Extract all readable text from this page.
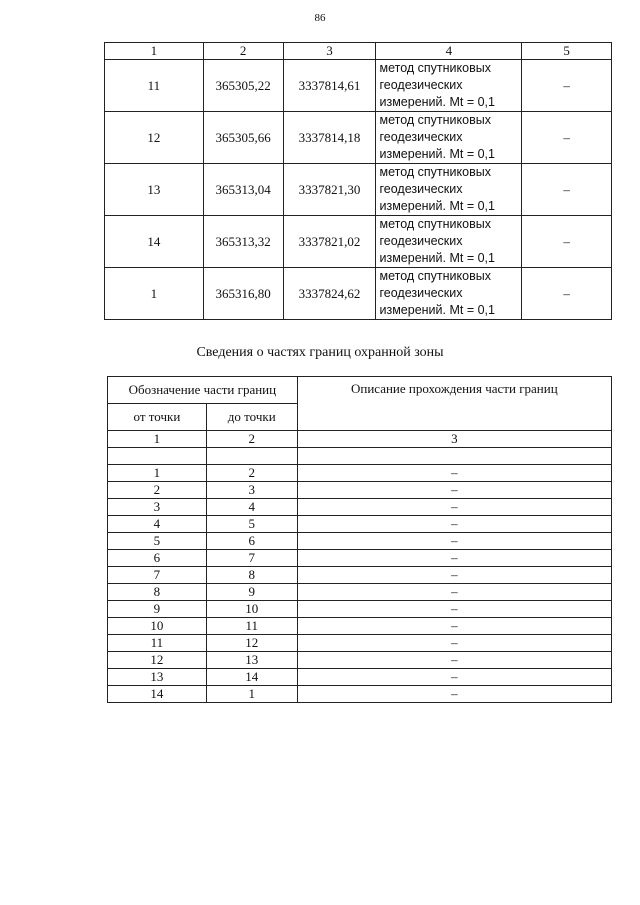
86
1	2	3	4	5
11	365305,22	3337814,61	метод спутниковых
геодезических
измерений. Mt = 0,1	–
12	365305,66	3337814,18	метод спутниковых
геодезических
измерений. Mt = 0,1	–
13	365313,04	3337821,30	метод спутниковых
геодезических
измерений. Mt = 0,1	–
14	365313,32	3337821,02	метод спутниковых
геодезических
измерений. Mt = 0,1	–
1	365316,80	3337824,62	метод спутниковых
геодезических
измерений. Mt = 0,1	–
Сведения о частях границ охранной зоны
Обозначение части границ		Описание прохождения части границ
от точки	до точки	
1	2	3

1	2	–
2	3	–
3	4	–
4	5	–
5	6	–
6	7	–
7	8	–
8	9	–
9	10	–
10	11	–
11	12	–
12	13	–
13	14	–
14	1	–
